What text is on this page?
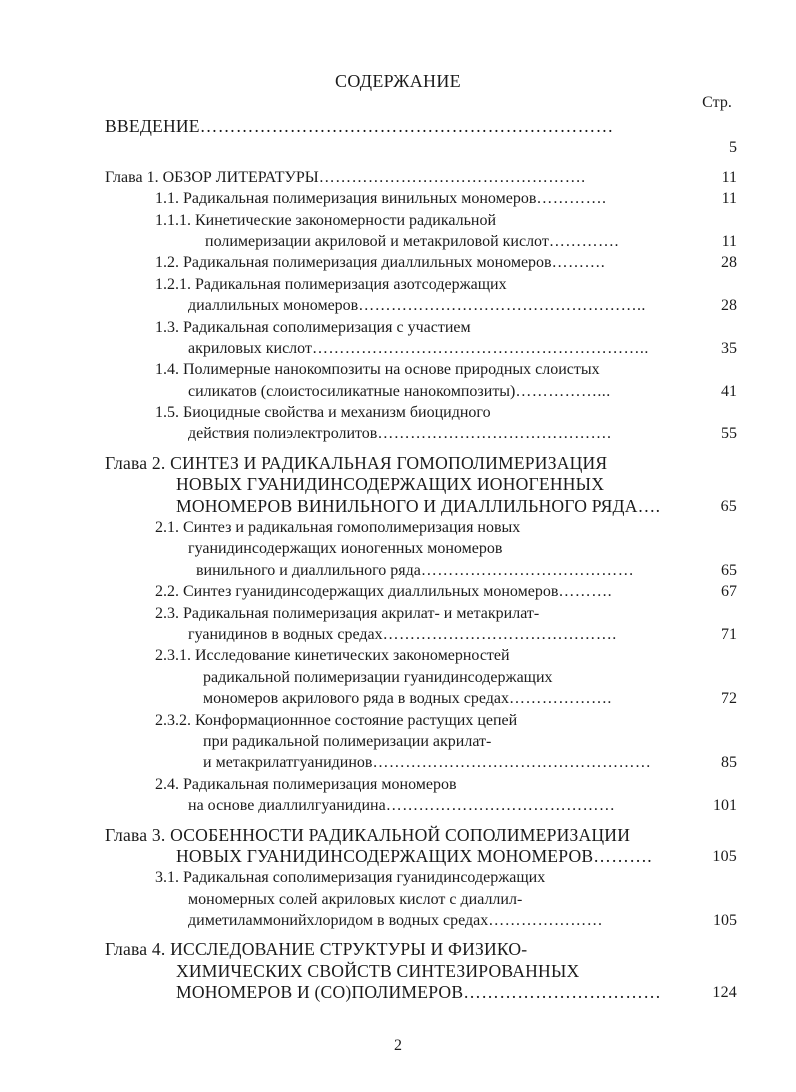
СОДЕРЖАНИЕ
Стр.
ВВЕДЕНИЕ……………………………………………………………
5
Глава 1. ОБЗОР ЛИТЕРАТУРЫ………………………………………….	11
1.1. Радикальная полимеризация винильных мономеров………….	11
1.1.1. Кинетические закономерности радикальной
полимеризации акриловой и метакриловой кислот………….	11
1.2. Радикальная полимеризация диаллильных мономеров……….	28
1.2.1. Радикальная полимеризация азотсодержащих
диаллильных мономеров……………………………………………..	28
1.3. Радикальная сополимеризация с участием
акриловых кислот……………………………………………………..	35
1.4. Полимерные нанокомпозиты на основе природных слоистых
силикатов (слоистосиликатные нанокомпозиты)……………...	41
1.5. Биоцидные свойства и механизм биоцидного
действия полиэлектролитов…………………………………….	55
Глава 2. СИНТЕЗ И РАДИКАЛЬНАЯ ГОМОПОЛИМЕРИЗАЦИЯ
НОВЫХ ГУАНИДИНСОДЕРЖАЩИХ ИОНОГЕННЫХ
МОНОМЕРОВ ВИНИЛЬНОГО И ДИАЛЛИЛЬНОГО РЯДА….	65
2.1. Синтез и радикальная гомополимеризация новых
гуанидинсодержащих ионогенных мономеров
винильного и диаллильного ряда…………………………………	65
2.2. Синтез гуанидинсодержащих диаллильных мономеров……….	67
2.3. Радикальная полимеризация акрилат- и метакрилат-
гуанидинов в водных средах…………………………………….	71
2.3.1. Исследование кинетических закономерностей
радикальной полимеризации гуанидинсодержащих
мономеров акрилового ряда в водных средах……………….	72
2.3.2. Конформационнное состояние растущих цепей
при радикальной полимеризации акрилат-
и метакрилатгуанидинов……………………………………………	85
2.4. Радикальная полимеризация мономеров
на основе диаллилгуанидина……………………………………	101
Глава 3. ОСОБЕННОСТИ РАДИКАЛЬНОЙ СОПОЛИМЕРИЗАЦИИ
НОВЫХ ГУАНИДИНСОДЕРЖАЩИХ МОНОМЕРОВ……….	105
3.1. Радикальная сополимеризация гуанидинсодержащих
мономерных солей акриловых кислот с диаллил-
диметиламмонийхлоридом в водных средах…………………	105
Глава 4. ИССЛЕДОВАНИЕ СТРУКТУРЫ И ФИЗИКО-
ХИМИЧЕСКИХ СВОЙСТВ СИНТЕЗИРОВАННЫХ
МОНОМЕРОВ И (СО)ПОЛИМЕРОВ……………………………	124
2
